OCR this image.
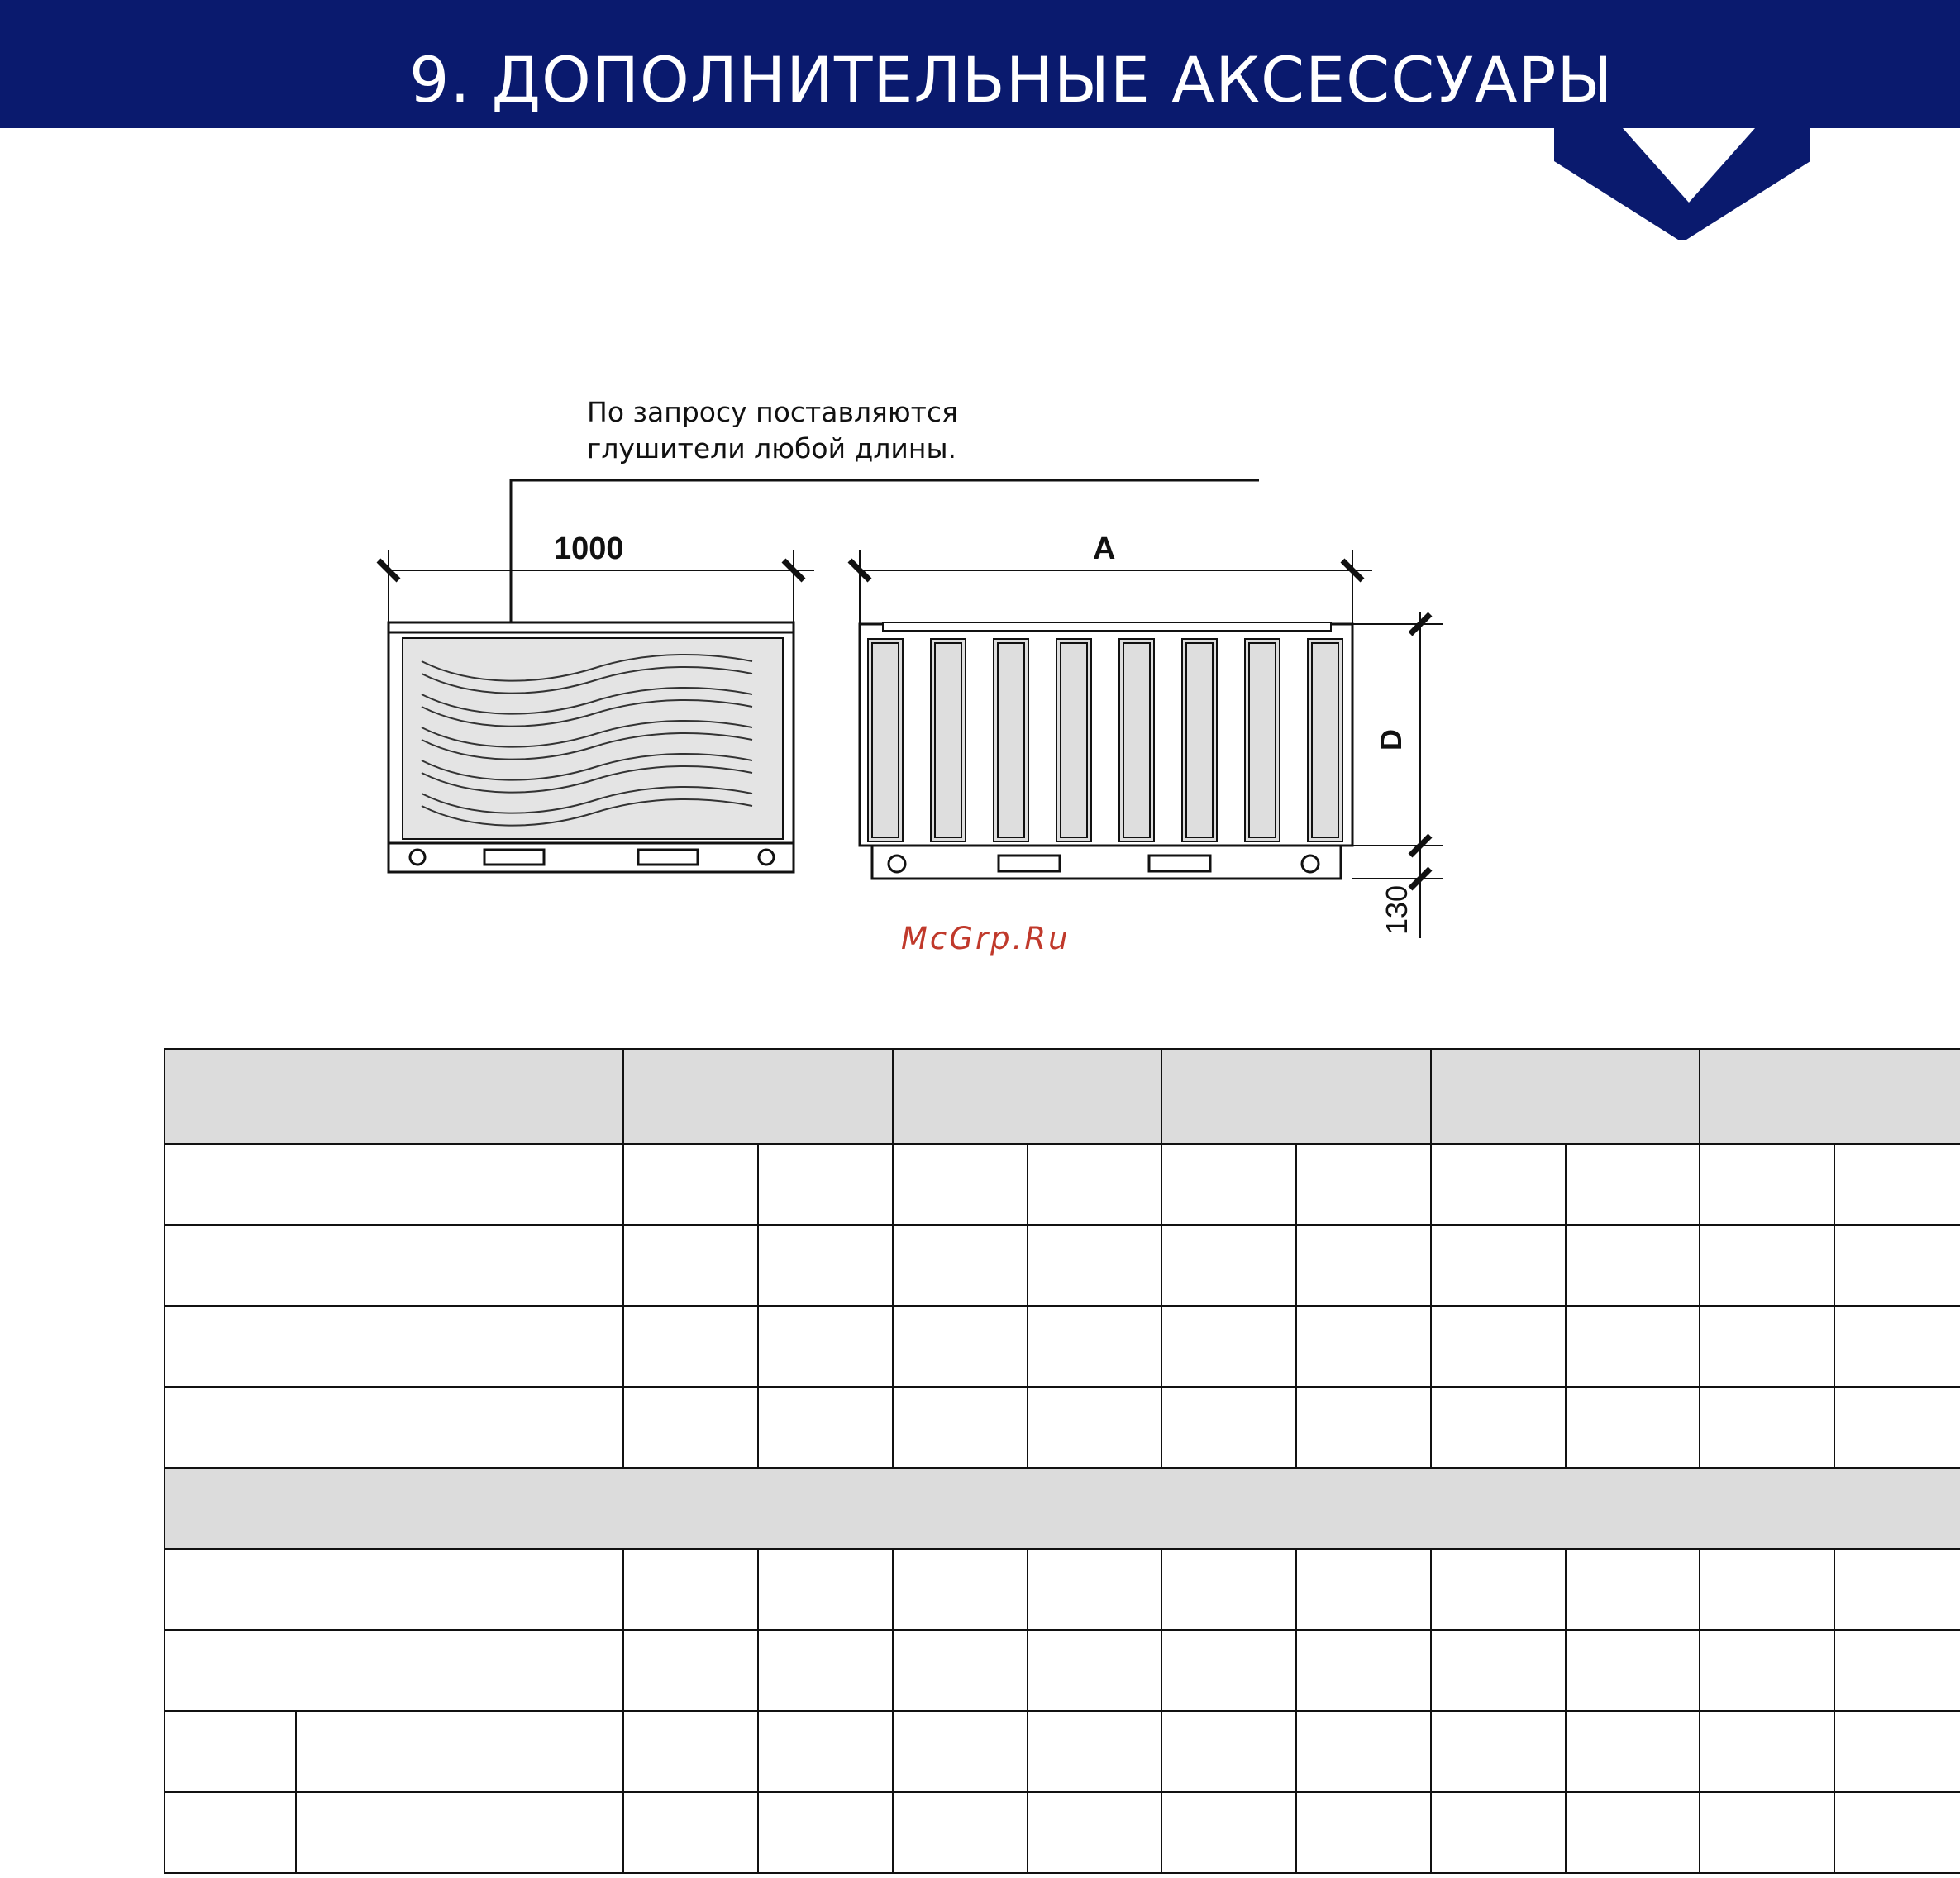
9. ДОПОЛНИТЕЛЬНЫЕ АКСЕССУАРЫ
По запросу поставляются
глушители любой длины.
1000	A
D
130
McGrp.Ru
